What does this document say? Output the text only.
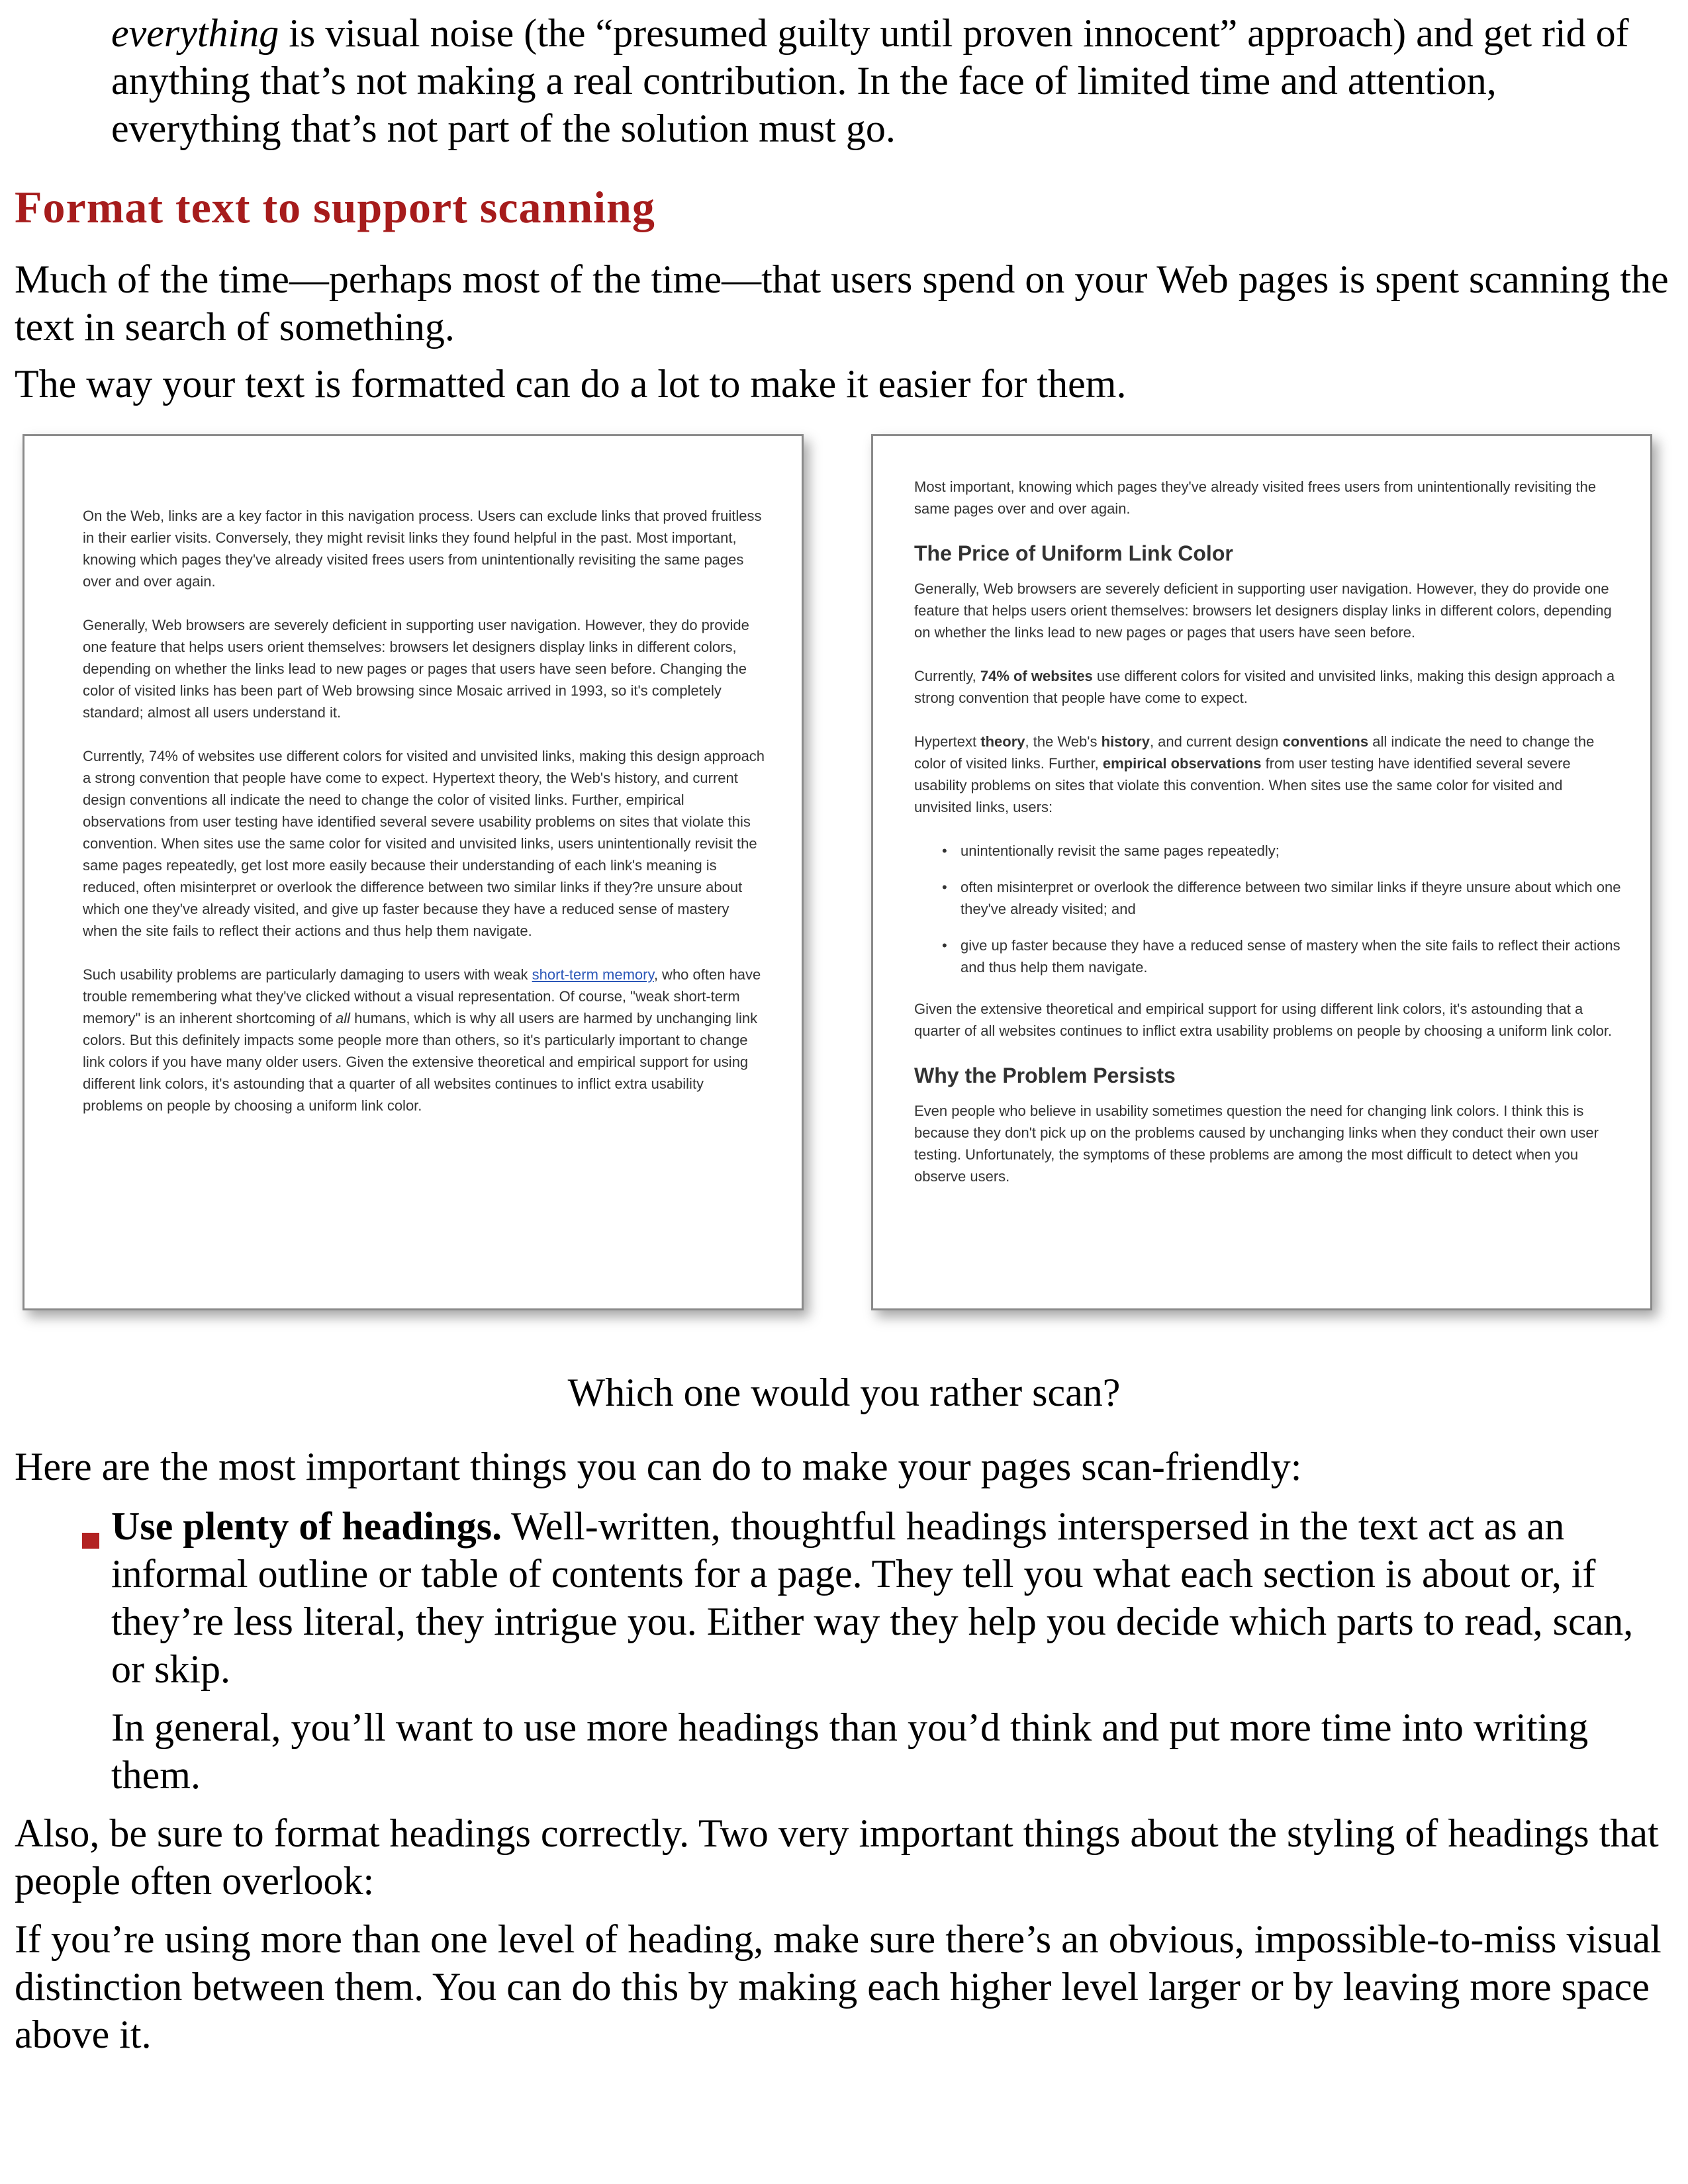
everything is visual noise (the “presumed guilty until proven innocent” approach) and get rid of anything that’s not making a real contribution. In the face of limited time and attention, everything that’s not part of the solution must go.

Format text to support scanning

Much of the time—perhaps most of the time—that users spend on your Web pages is spent scanning the text in search of something.

The way your text is formatted can do a lot to make it easier for them.

On the Web, links are a key factor in this navigation process. Users can exclude links that proved fruitless in their earlier visits. Conversely, they might revisit links they found helpful in the past. Most important, knowing which pages they've already visited frees users from unintentionally revisiting the same pages over and over again.

Generally, Web browsers are severely deficient in supporting user navigation. However, they do provide one feature that helps users orient themselves: browsers let designers display links in different colors, depending on whether the links lead to new pages or pages that users have seen before. Changing the color of visited links has been part of Web browsing since Mosaic arrived in 1993, so it's completely standard; almost all users understand it.

Currently, 74% of websites use different colors for visited and unvisited links, making this design approach a strong convention that people have come to expect. Hypertext theory, the Web's history, and current design conventions all indicate the need to change the color of visited links. Further, empirical observations from user testing have identified several severe usability problems on sites that violate this convention. When sites use the same color for visited and unvisited links, users unintentionally revisit the same pages repeatedly, get lost more easily because their understanding of each link's meaning is reduced, often misinterpret or overlook the difference between two similar links if they?re unsure about which one they've already visited, and give up faster because they have a reduced sense of mastery when the site fails to reflect their actions and thus help them navigate.

Such usability problems are particularly damaging to users with weak short-term memory, who often have trouble remembering what they've clicked without a visual representation. Of course, "weak short-term memory" is an inherent shortcoming of all humans, which is why all users are harmed by unchanging link colors. But this definitely impacts some people more than others, so it's particularly important to change link colors if you have many older users. Given the extensive theoretical and empirical support for using different link colors, it's astounding that a quarter of all websites continues to inflict extra usability problems on people by choosing a uniform link color.

Most important, knowing which pages they've already visited frees users from unintentionally revisiting the same pages over and over again.

The Price of Uniform Link Color

Generally, Web browsers are severely deficient in supporting user navigation. However, they do provide one feature that helps users orient themselves: browsers let designers display links in different colors, depending on whether the links lead to new pages or pages that users have seen before.

Currently, 74% of websites use different colors for visited and unvisited links, making this design approach a strong convention that people have come to expect.

Hypertext theory, the Web's history, and current design conventions all indicate the need to change the color of visited links. Further, empirical observations from user testing have identified several severe usability problems on sites that violate this convention. When sites use the same color for visited and unvisited links, users:

• unintentionally revisit the same pages repeatedly;
• often misinterpret or overlook the difference between two similar links if theyre unsure about which one they've already visited; and
• give up faster because they have a reduced sense of mastery when the site fails to reflect their actions and thus help them navigate.

Given the extensive theoretical and empirical support for using different link colors, it's astounding that a quarter of all websites continues to inflict extra usability problems on people by choosing a uniform link color.

Why the Problem Persists

Even people who believe in usability sometimes question the need for changing link colors. I think this is because they don't pick up on the problems caused by unchanging links when they conduct their own user testing. Unfortunately, the symptoms of these problems are among the most difficult to detect when you observe users.

Which one would you rather scan?

Here are the most important things you can do to make your pages scan-friendly:

Use plenty of headings. Well-written, thoughtful headings interspersed in the text act as an informal outline or table of contents for a page. They tell you what each section is about or, if they’re less literal, they intrigue you. Either way they help you decide which parts to read, scan, or skip.

In general, you’ll want to use more headings than you’d think and put more time into writing them.

Also, be sure to format headings correctly. Two very important things about the styling of headings that people often overlook:

If you’re using more than one level of heading, make sure there’s an obvious, impossible-to-miss visual distinction between them. You can do this by making each higher level larger or by leaving more space above it.
